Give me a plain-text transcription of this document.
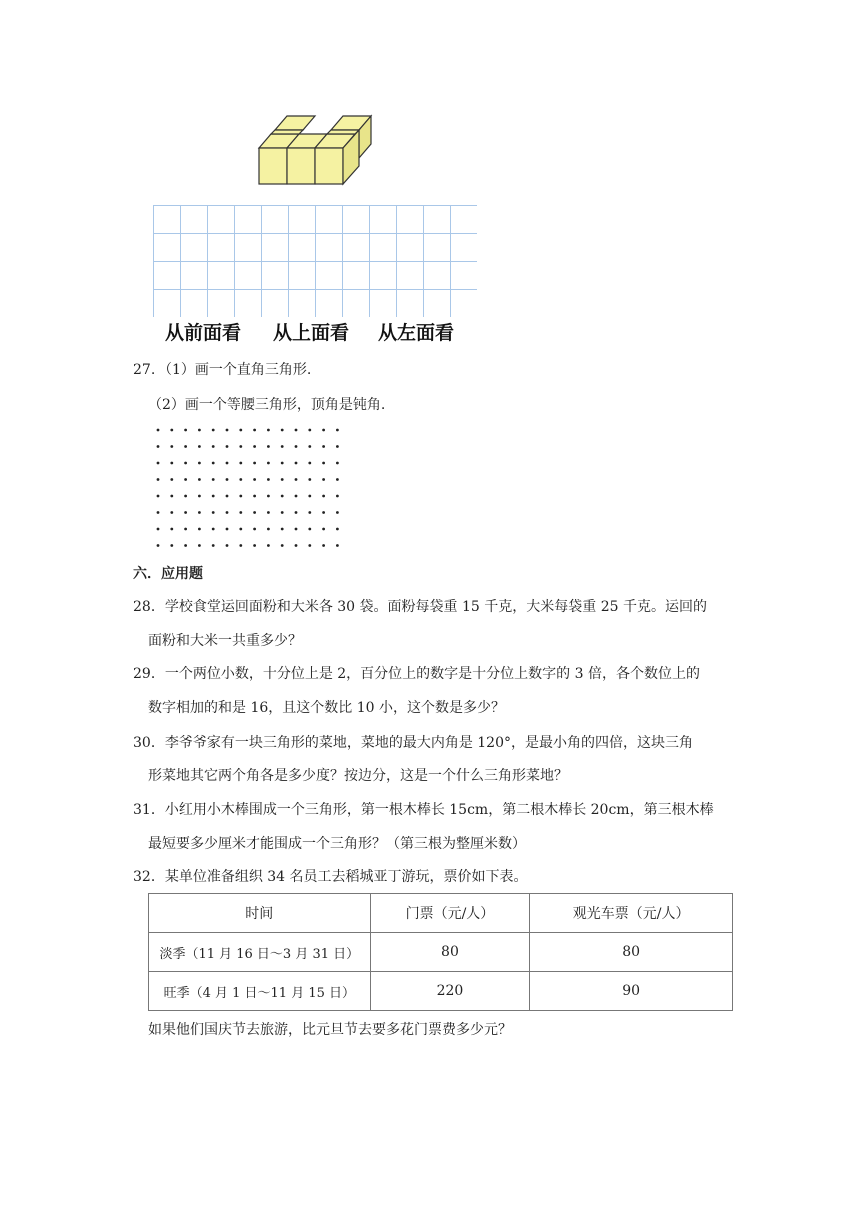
从前面看 从上面看 从左面看
27. （1）画一个直角三角形.
（2）画一个等腰三角形，顶角是钝角.
六．应用题
28．学校食堂运回面粉和大米各 30 袋。面粉每袋重 15 千克，大米每袋重 25 千克。运回的
面粉和大米一共重多少？
29．一个两位小数，十分位上是 2，百分位上的数字是十分位上数字的 3 倍，各个数位上的
数字相加的和是 16，且这个数比 10 小，这个数是多少？
30．李爷爷家有一块三角形的菜地，菜地的最大内角是 120°，是最小角的四倍，这块三角
形菜地其它两个角各是多少度？按边分，这是一个什么三角形菜地？
31．小红用小木棒围成一个三角形，第一根木棒长 15cm，第二根木棒长 20cm，第三根木棒
最短要多少厘米才能围成一个三角形？（第三根为整厘米数）
32．某单位准备组织 34 名员工去稻城亚丁游玩，票价如下表。
时间	门票（元/人）	观光车票（元/人）
淡季（11 月 16 日～3 月 31 日）	80	80
旺季（4 月 1 日～11 月 15 日）	220	90
如果他们国庆节去旅游，比元旦节去要多花门票费多少元？
